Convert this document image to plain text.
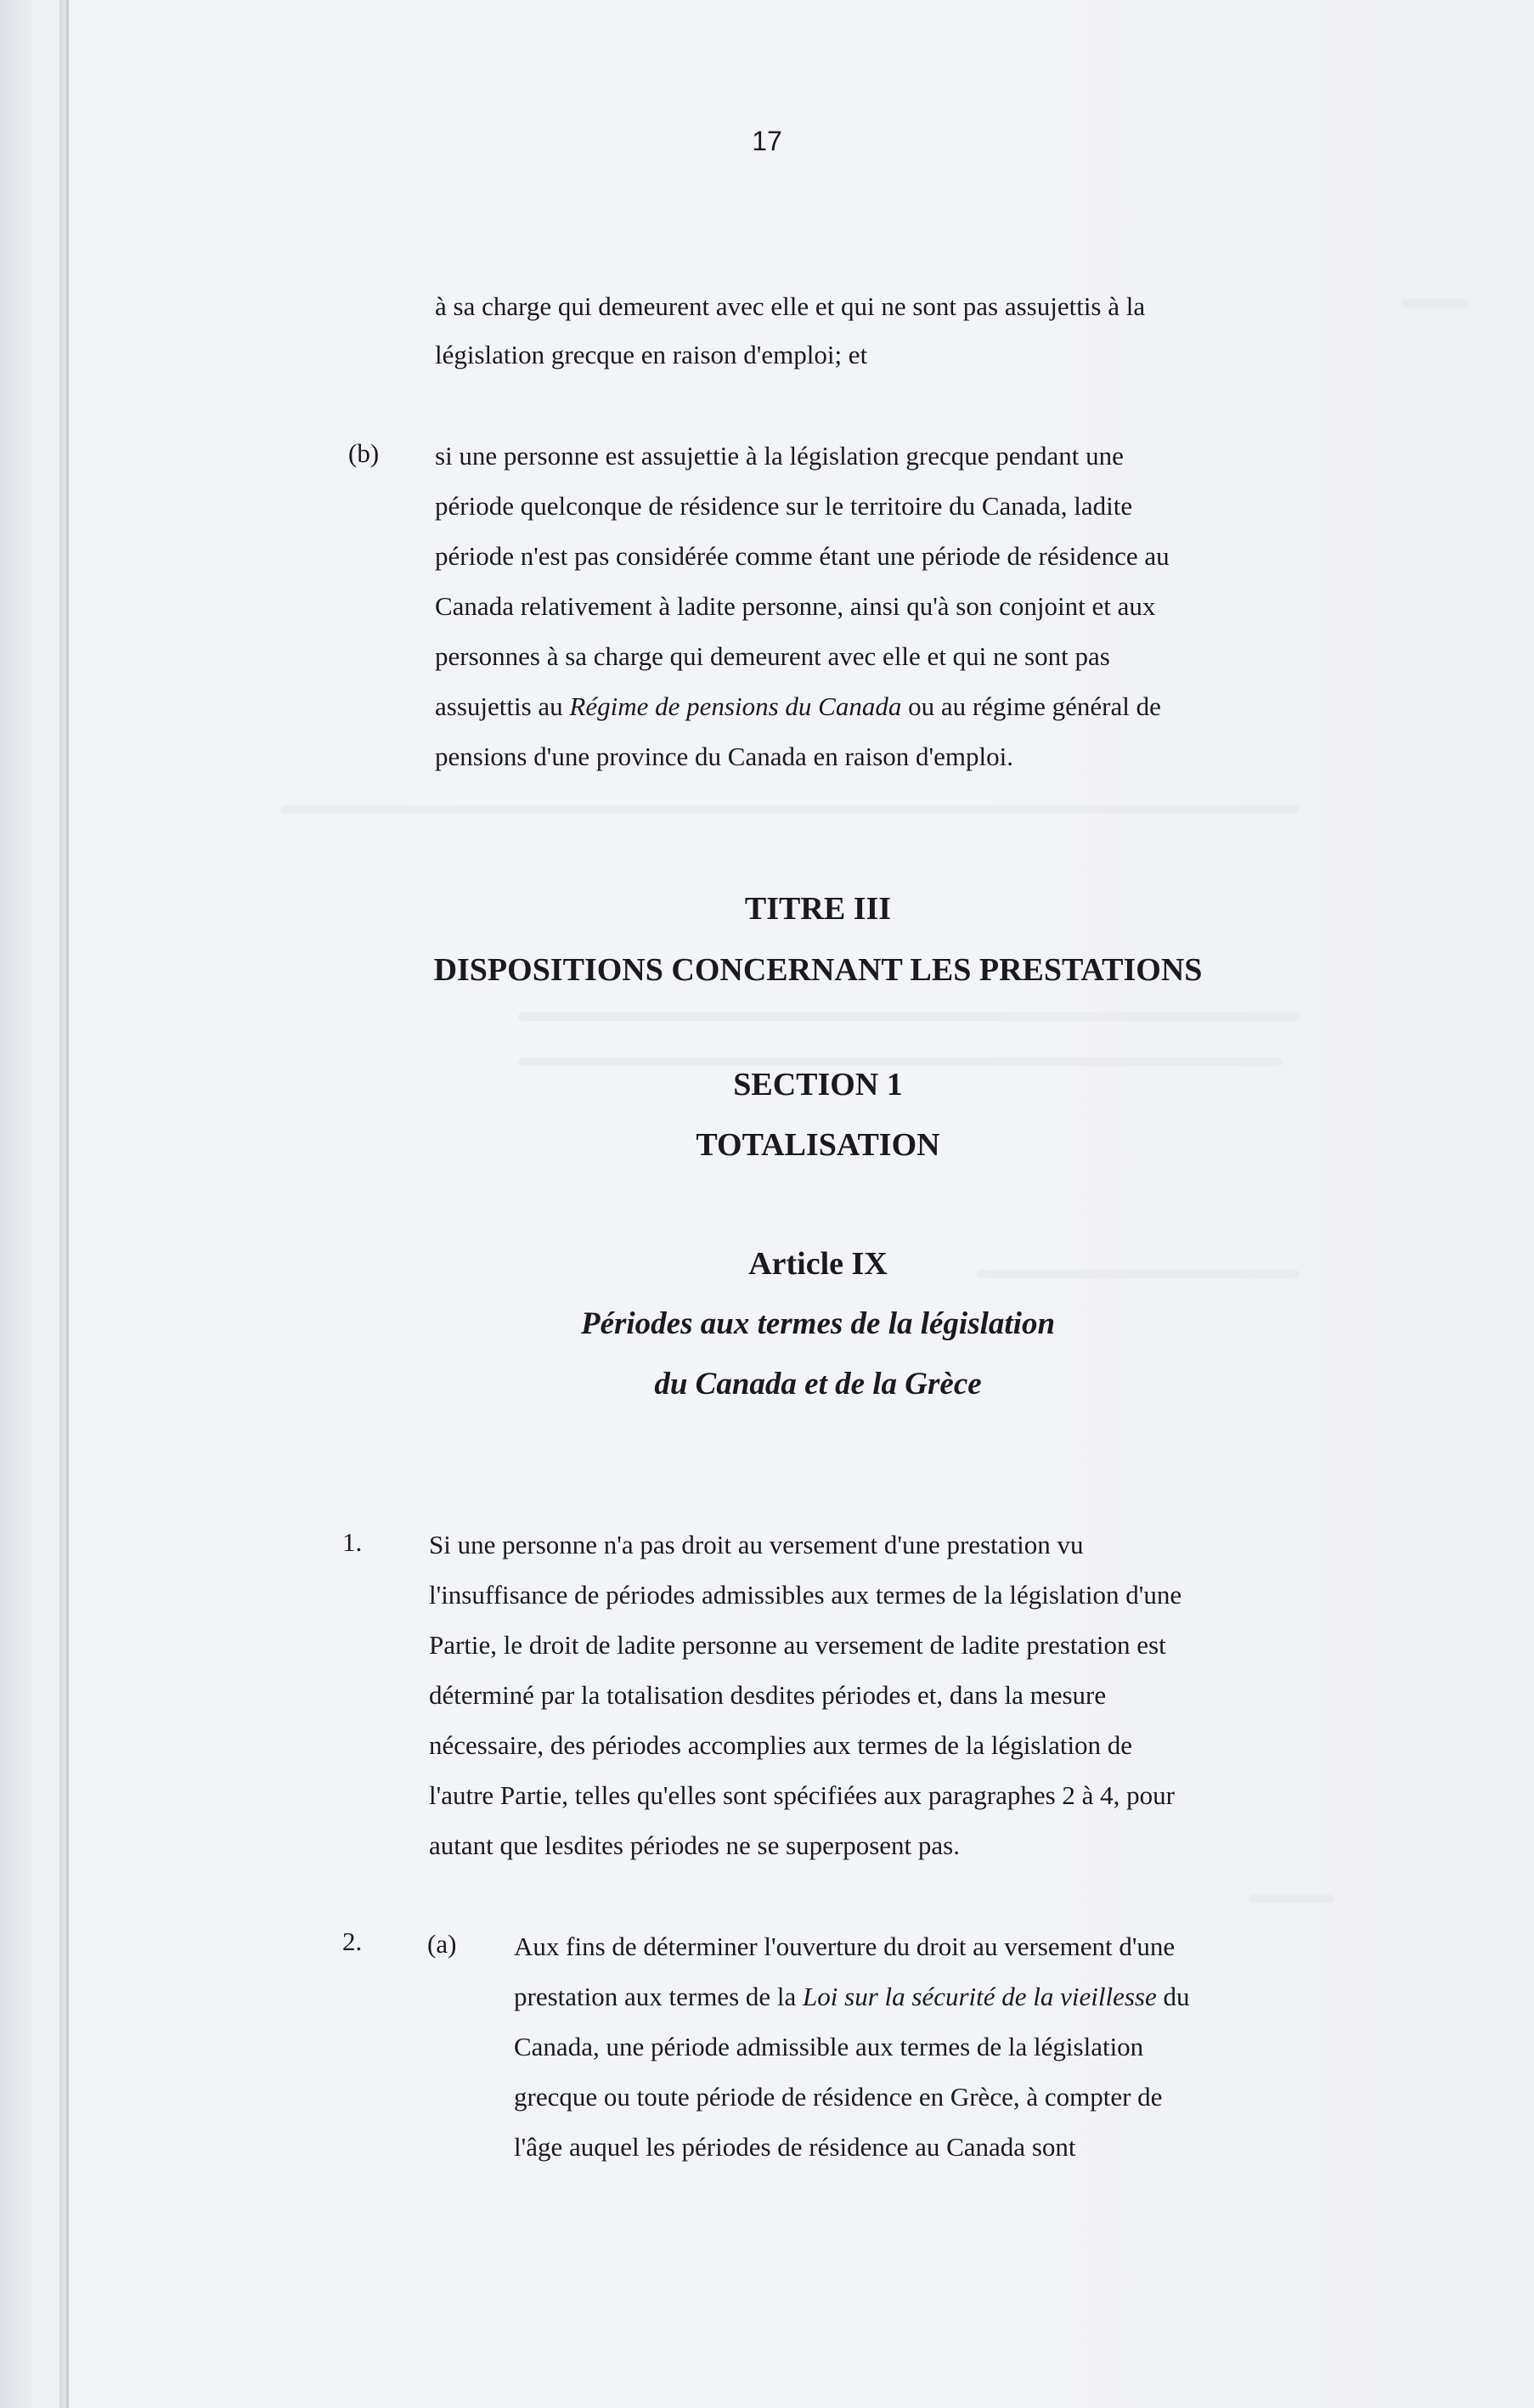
17
à sa charge qui demeurent avec elle et qui ne sont pas assujettis à la
législation grecque en raison d'emploi; et
(b) si une personne est assujettie à la législation grecque pendant une
période quelconque de résidence sur le territoire du Canada, ladite
période n'est pas considérée comme étant une période de résidence au
Canada relativement à ladite personne, ainsi qu'à son conjoint et aux
personnes à sa charge qui demeurent avec elle et qui ne sont pas
assujettis au Régime de pensions du Canada ou au régime général de
pensions d'une province du Canada en raison d'emploi.
TITRE III
DISPOSITIONS CONCERNANT LES PRESTATIONS
SECTION 1
TOTALISATION
Article IX
Périodes aux termes de la législation
du Canada et de la Grèce
1.	Si une personne n'a pas droit au versement d'une prestation vu
l'insuffisance de périodes admissibles aux termes de la législation d'une
Partie, le droit de ladite personne au versement de ladite prestation est
déterminé par la totalisation desdites périodes et, dans la mesure
nécessaire, des périodes accomplies aux termes de la législation de
l'autre Partie, telles qu'elles sont spécifiées aux paragraphes 2 à 4, pour
autant que lesdites périodes ne se superposent pas.
2. (a) Aux fins de déterminer l'ouverture du droit au versement d'une
prestation aux termes de la Loi sur la sécurité de la vieillesse du
Canada, une période admissible aux termes de la législation
grecque ou toute période de résidence en Grèce, à compter de
l'âge auquel les périodes de résidence au Canada sont
